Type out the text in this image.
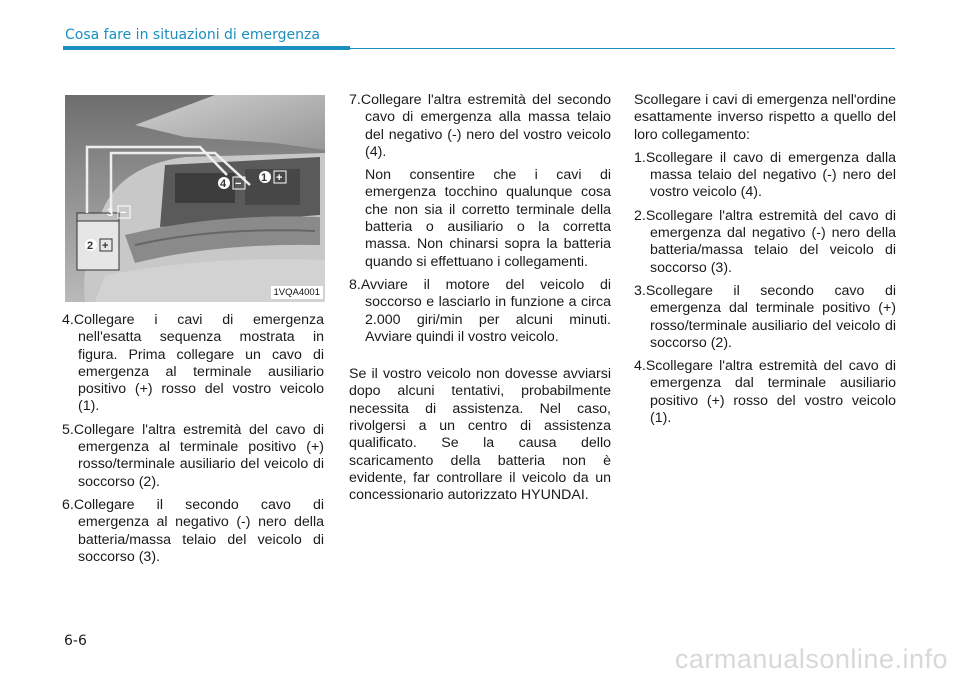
Cosa fare in situazioni di emergenza
1 +
4 −
3 −
2 +
1VQA4001

4.Collegare i cavi di emergenza nell'esatta sequenza mostrata in figura. Prima collegare un cavo di emergenza al terminale ausiliario positivo (+) rosso del vostro veicolo (1).

5.Collegare l'altra estremità del cavo di emergenza al terminale positivo (+) rosso/terminale ausiliario del veicolo di soccorso (2).

6.Collegare il secondo cavo di emergenza al negativo (-) nero della batteria/massa telaio del veicolo di soccorso (3).

7.Collegare l'altra estremità del secondo cavo di emergenza alla massa telaio del negativo (-) nero del vostro veicolo (4).

Non consentire che i cavi di emergenza tocchino qualunque cosa che non sia il corretto terminale della batteria o ausiliario o la corretta massa. Non chinarsi sopra la batteria quando si effettuano i collegamenti.

8.Avviare il motore del veicolo di soccorso e lasciarlo in funzione a circa 2.000 giri/min per alcuni minuti. Avviare quindi il vostro veicolo.

Se il vostro veicolo non dovesse avviarsi dopo alcuni tentativi, probabilmente necessita di assistenza. Nel caso, rivolgersi a un centro di assistenza qualificato. Se la causa dello scaricamento della batteria non è evidente, far controllare il veicolo da un concessionario autorizzato HYUNDAI.

Scollegare i cavi di emergenza nell'ordine esattamente inverso rispetto a quello del loro collegamento:

1.Scollegare il cavo di emergenza dalla massa telaio del negativo (-) nero del vostro veicolo (4).

2.Scollegare l'altra estremità del cavo di emergenza dal negativo (-) nero della batteria/massa telaio del veicolo di soccorso (3).

3.Scollegare il secondo cavo di emergenza dal terminale positivo (+) rosso/terminale ausiliario del veicolo di soccorso (2).

4.Scollegare l'altra estremità del cavo di emergenza dal terminale ausiliario positivo (+) rosso del vostro veicolo (1).

6-6
carmanualsonline.info
